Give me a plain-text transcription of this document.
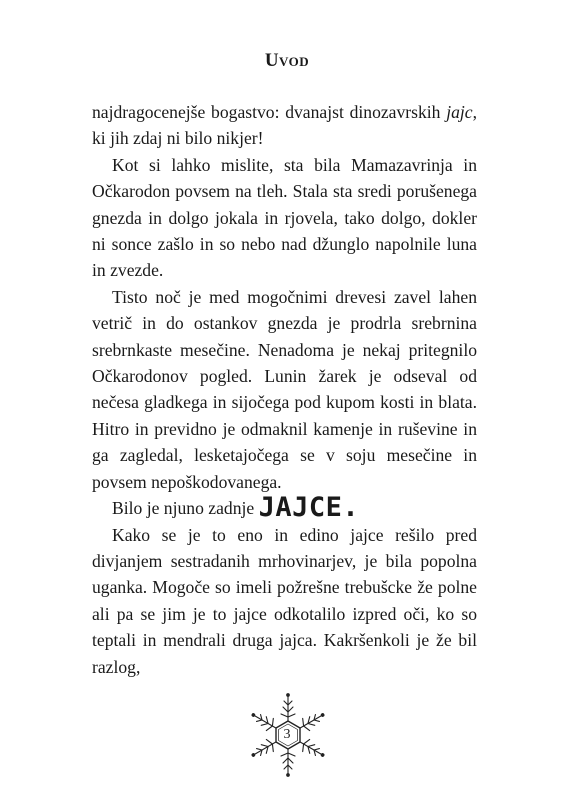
Uvod

najdragocenejše bogastvo: dvanajst dinozavrskih jajc, ki jih zdaj ni bilo nikjer!

Kot si lahko mislite, sta bila Mamazavrinja in Očkarodon povsem na tleh. Stala sta sredi porušenega gnezda in dolgo jokala in rjovela, tako dolgo, dokler ni sonce zašlo in so nebo nad džunglo napolnile luna in zvezde.

Tisto noč je med mogočnimi drevesi zavel lahen vetrič in do ostankov gnezda je prodrla srebrnina srebrnkaste mesečine. Nenadoma je nekaj pritegnilo Očkarodonov pogled. Lunin žarek je odseval od nečesa gladkega in sijočega pod kupom kosti in blata. Hitro in previdno je odmaknil kamenje in ruševine in ga zagledal, lesketajočega se v soju mesečine in povsem nepoškodovanega.

Bilo je njuno zadnje JAJCE.

Kako se je to eno in edino jajce rešilo pred divjanjem sestradanih mrhovinarjev, je bila popolna uganka. Mogoče so imeli požrešne trebušcke že polne ali pa se jim je to jajce odkotalilo izpred oči, ko so teptali in mendrali druga jajca. Kakršenkoli je že bil razlog,

3
